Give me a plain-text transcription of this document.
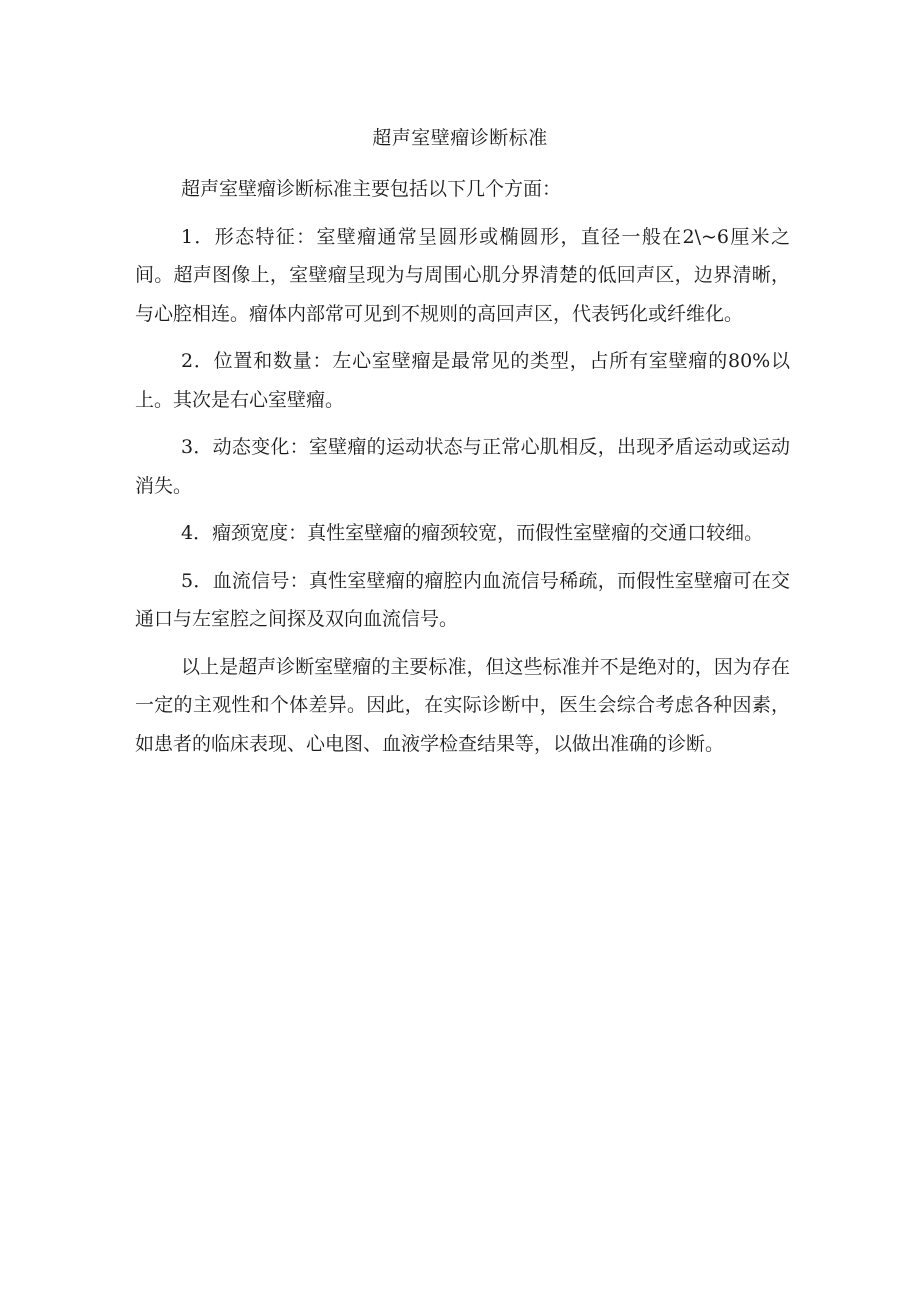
超声室壁瘤诊断标准

超声室壁瘤诊断标准主要包括以下几个方面：

1．形态特征：室壁瘤通常呈圆形或椭圆形，直径一般在2\~6厘米之间。超声图像上，室壁瘤呈现为与周围心肌分界清楚的低回声区，边界清晰，与心腔相连。瘤体内部常可见到不规则的高回声区，代表钙化或纤维化。

2．位置和数量：左心室壁瘤是最常见的类型，占所有室壁瘤的80%以上。其次是右心室壁瘤。

3．动态变化：室壁瘤的运动状态与正常心肌相反，出现矛盾运动或运动消失。

4．瘤颈宽度：真性室壁瘤的瘤颈较宽，而假性室壁瘤的交通口较细。

5．血流信号：真性室壁瘤的瘤腔内血流信号稀疏，而假性室壁瘤可在交通口与左室腔之间探及双向血流信号。

以上是超声诊断室壁瘤的主要标准，但这些标准并不是绝对的，因为存在一定的主观性和个体差异。因此，在实际诊断中，医生会综合考虑各种因素，如患者的临床表现、心电图、血液学检查结果等，以做出准确的诊断。
